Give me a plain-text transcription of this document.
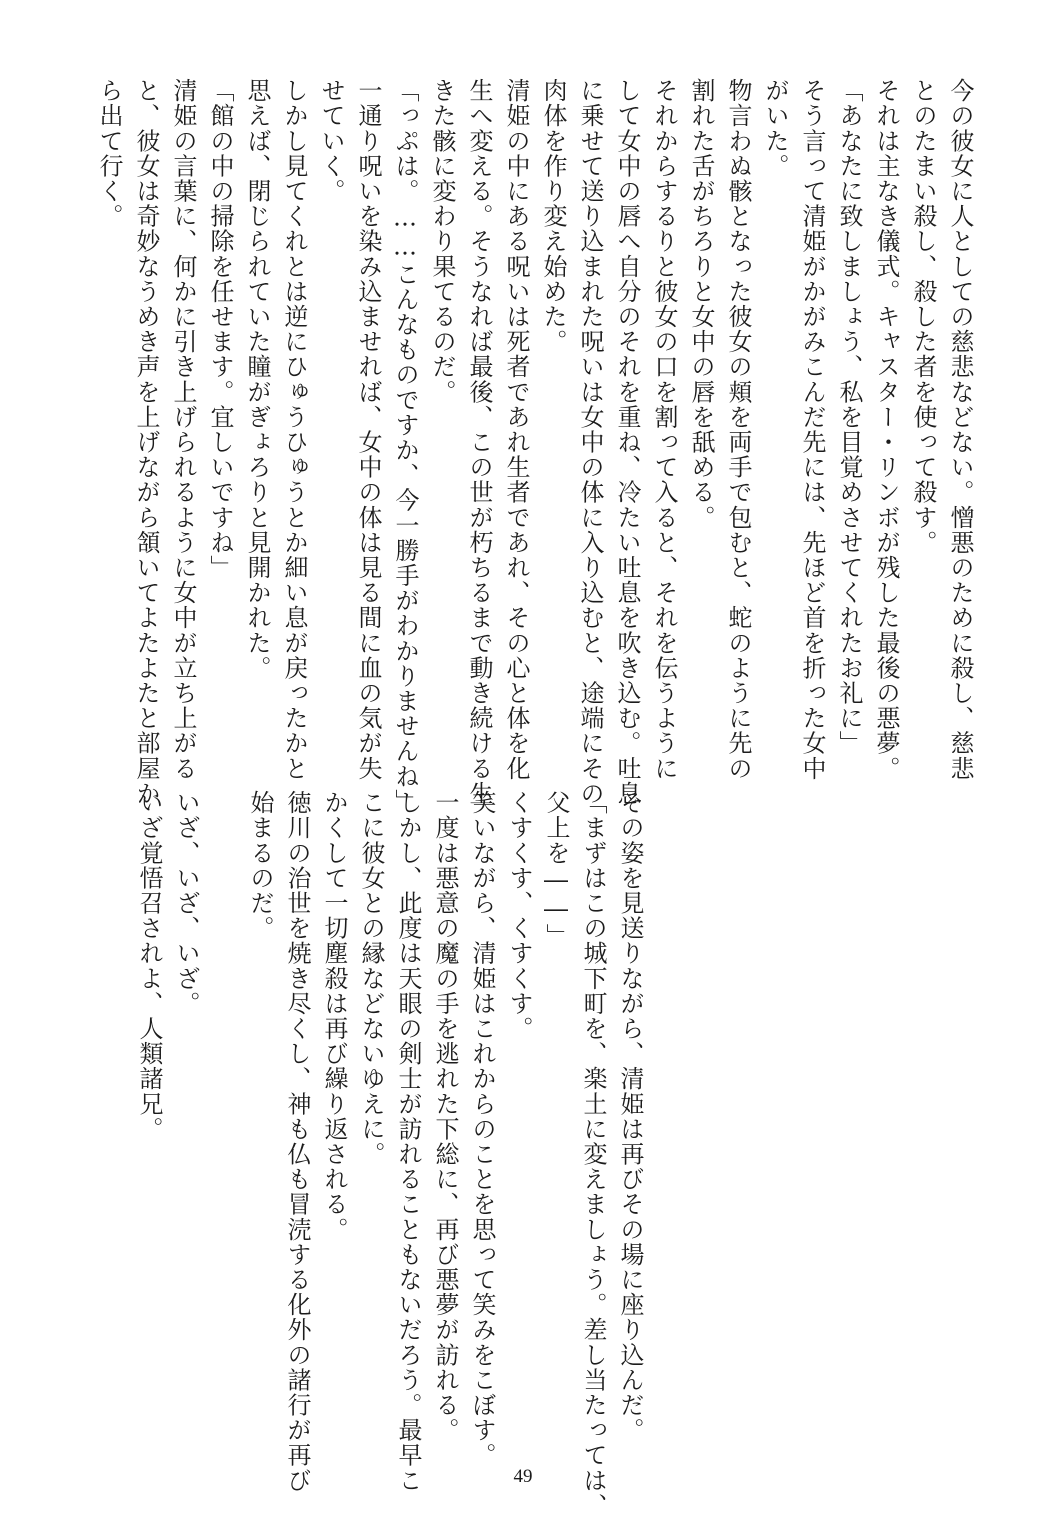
今の彼女に人としての慈悲などない。憎悪のために殺し、慈悲
とのたまい殺し、殺した者を使って殺す。
それは主なき儀式。キャスター・リンボが残した最後の悪夢。
「あなたに致しましょう、私を目覚めさせてくれたお礼に」
そう言って清姫がかがみこんだ先には、先ほど首を折った女中
がいた。
物言わぬ骸となった彼女の頬を両手で包むと、蛇のように先の
割れた舌がちろりと女中の唇を舐める。
それからするりと彼女の口を割って入ると、それを伝うように
して女中の唇へ自分のそれを重ね、冷たい吐息を吹き込む。吐息
に乗せて送り込まれた呪いは女中の体に入り込むと、途端にその
肉体を作り変え始めた。
清姫の中にある呪いは死者であれ生者であれ、その心と体を化
生へ変える。そうなれば最後、この世が朽ちるまで動き続ける生
きた骸に変わり果てるのだ。
「っぷは。……こんなものですか、今一勝手がわかりませんね」
一通り呪いを染み込ませれば、女中の体は見る間に血の気が失
せていく。
しかし見てくれとは逆にひゅうひゅうとか細い息が戻ったかと
思えば、閉じられていた瞳がぎょろりと見開かれた。
「館の中の掃除を任せます。宜しいですね」
清姫の言葉に、何かに引き上げられるように女中が立ち上がる
と、彼女は奇妙なうめき声を上げながら頷いてよたよたと部屋か
ら出て行く。
その姿を見送りながら、清姫は再びその場に座り込んだ。
「まずはこの城下町を、楽土に変えましょう。差し当たっては、
父上を――」
くすくす、くすくす。
笑いながら、清姫はこれからのことを思って笑みをこぼす。
一度は悪意の魔の手を逃れた下総に、再び悪夢が訪れる。
しかし、此度は天眼の剣士が訪れることもないだろう。最早こ
こに彼女との縁などないゆえに。
かくして一切塵殺は再び繰り返される。
徳川の治世を焼き尽くし、神も仏も冒涜する化外の諸行が再び
始まるのだ。
いざ、いざ、いざ。
いざ覚悟召されよ、人類諸兄。
49
